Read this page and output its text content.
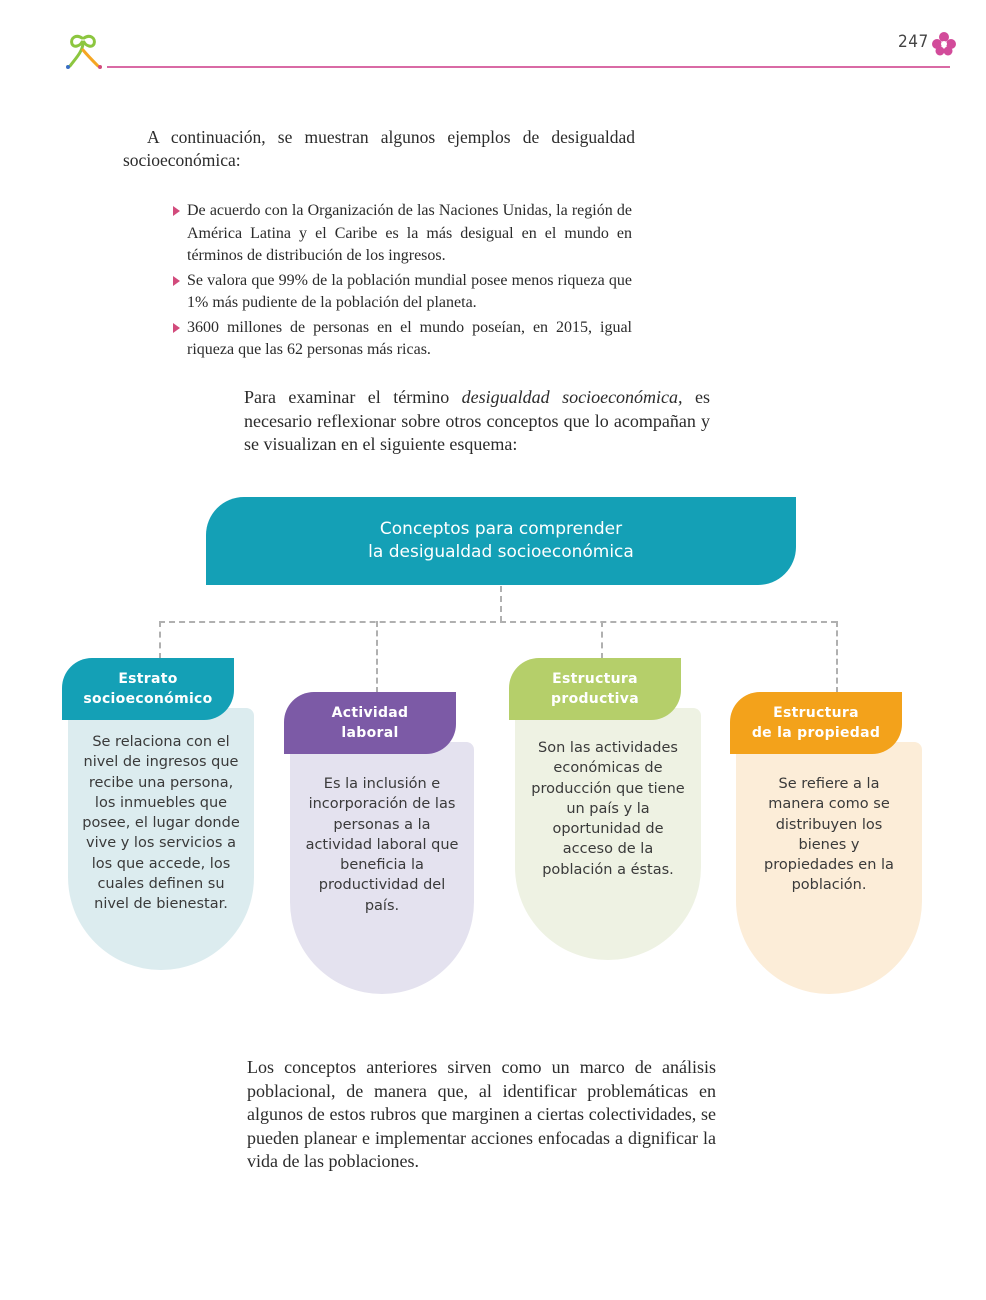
247
A continuación, se muestran algunos ejemplos de desigualdad socioeconómica:
De acuerdo con la Organización de las Naciones Unidas, la región de América Latina y el Caribe es la más desigual en el mundo en términos de distribución de los ingresos.
Se valora que 99% de la población mundial posee menos riqueza que 1% más pudiente de la población del planeta.
3600 millones de personas en el mundo poseían, en 2015, igual riqueza que las 62 personas más ricas.
Para examinar el término desigualdad socioeconómica, es necesario reflexionar sobre otros conceptos que lo acompañan y se visualizan en el siguiente esquema:
Conceptos para comprender
la desigualdad socioeconómica
Se relaciona con el nivel de ingresos que recibe una persona, los inmuebles que posee, el lugar donde vive y los servicios a los que accede, los cuales definen su nivel de bienestar.
Estrato
socioeconómico
Es la inclusión e incorporación de las personas a la actividad laboral que beneficia la productividad del país.
Actividad
laboral
Son las actividades económicas de producción que tiene un país y la oportunidad de acceso de la población a éstas.
Estructura
productiva
Se refiere a la manera como se distribuyen los bienes y propiedades en la población.
Estructura
de la propiedad
Los conceptos anteriores sirven como un marco de análisis poblacional, de manera que, al identificar problemáticas en algunos de estos rubros que marginen a ciertas colectividades, se pueden planear e implementar acciones enfocadas a dignificar la vida de las poblaciones.
